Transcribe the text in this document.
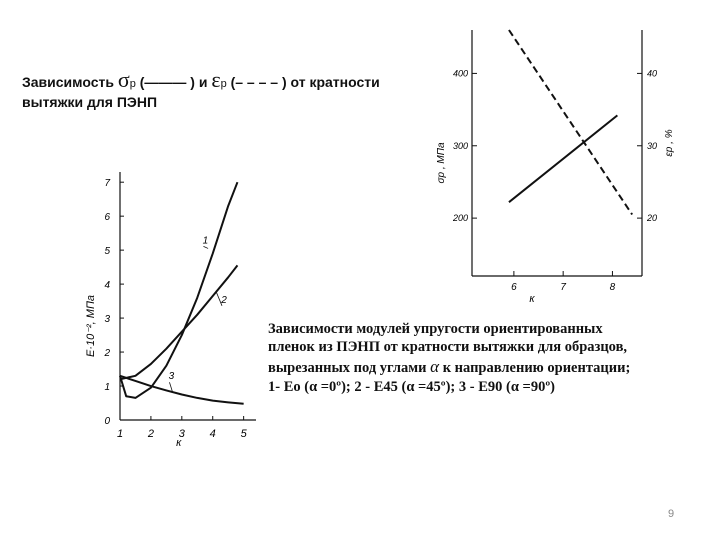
Зависимость σр (——— ) и εр (– – – – ) от кратности
вытяжки для ПЭНП
Зависимости модулей упругости ориентированных
пленок из ПЭНП от кратности вытяжки для образцов,
вырезанных под углами α к направлению ориентации;
1- Ео (α =0º); 2 - Е45 (α =45º); 3 - Е90 (α =90º)
6	7	8
200
300
400
20
30
40
к
σр , МПа	εр , %
1 2 3 4 5
0
1
2
3
4
5
6
7
1
2
3
к
Е·10⁻², МПа
9
